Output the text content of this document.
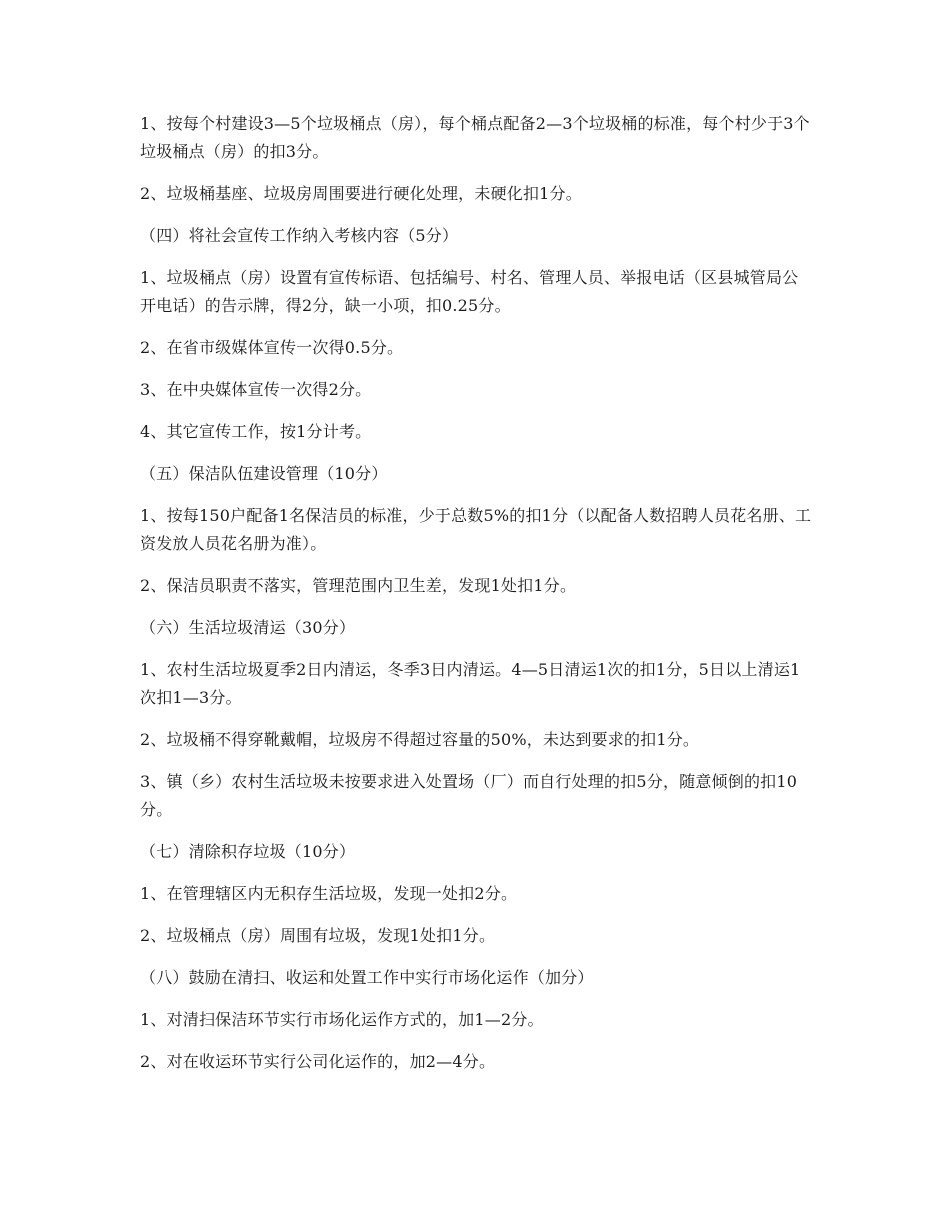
1、按每个村建设3—5个垃圾桶点（房），每个桶点配备2—3个垃圾桶的标准，每个村少于3个垃圾桶点（房）的扣3分。

2、垃圾桶基座、垃圾房周围要进行硬化处理，未硬化扣1分。

（四）将社会宣传工作纳入考核内容（5分）

1、垃圾桶点（房）设置有宣传标语、包括编号、村名、管理人员、举报电话（区县城管局公开电话）的告示牌，得2分，缺一小项，扣0.25分。

2、在省市级媒体宣传一次得0.5分。

3、在中央媒体宣传一次得2分。

4、其它宣传工作，按1分计考。

（五）保洁队伍建设管理（10分）

1、按每150户配备1名保洁员的标准，少于总数5%的扣1分（以配备人数招聘人员花名册、工资发放人员花名册为准）。

2、保洁员职责不落实，管理范围内卫生差，发现1处扣1分。

（六）生活垃圾清运（30分）

1、农村生活垃圾夏季2日内清运，冬季3日内清运。4—5日清运1次的扣1分，5日以上清运1次扣1—3分。

2、垃圾桶不得穿靴戴帽，垃圾房不得超过容量的50%，未达到要求的扣1分。

3、镇（乡）农村生活垃圾未按要求进入处置场（厂）而自行处理的扣5分，随意倾倒的扣10分。

（七）清除积存垃圾（10分）

1、在管理辖区内无积存生活垃圾，发现一处扣2分。

2、垃圾桶点（房）周围有垃圾，发现1处扣1分。

（八）鼓励在清扫、收运和处置工作中实行市场化运作（加分）

1、对清扫保洁环节实行市场化运作方式的，加1—2分。

2、对在收运环节实行公司化运作的，加2—4分。
